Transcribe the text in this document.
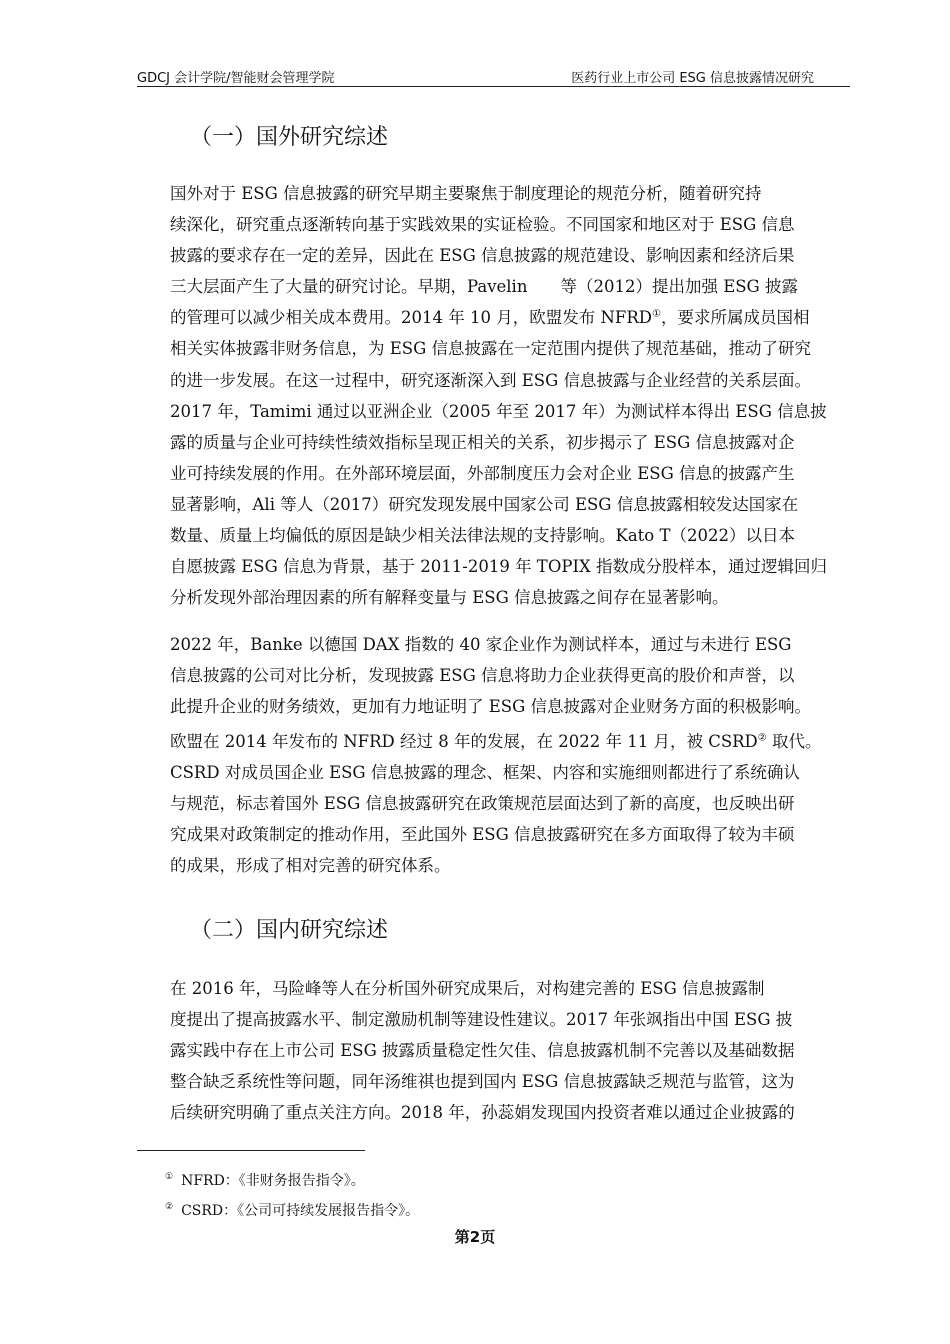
GDCJ 会计学院/智能财会管理学院	医药行业上市公司 ESG 信息披露情况研究
（一）国外研究综述
国外对于 ESG 信息披露的研究早期主要聚焦于制度理论的规范分析，随着研究持
续深化，研究重点逐渐转向基于实践效果的实证检验。不同国家和地区对于 ESG 信息
披露的要求存在一定的差异，因此在 ESG 信息披露的规范建设、影响因素和经济后果
三大层面产生了大量的研究讨论。早期，Pavelin　　等（2012）提出加强 ESG 披露
的管理可以减少相关成本费用。2014 年 10 月，欧盟发布 NFRD①，要求所属成员国相
相关实体披露非财务信息，为 ESG 信息披露在一定范围内提供了规范基础，推动了研究
的进一步发展。在这一过程中，研究逐渐深入到 ESG 信息披露与企业经营的关系层面。
2017 年，Tamimi 通过以亚洲企业（2005 年至 2017 年）为测试样本得出 ESG 信息披
露的质量与企业可持续性绩效指标呈现正相关的关系，初步揭示了 ESG 信息披露对企
业可持续发展的作用。在外部环境层面，外部制度压力会对企业 ESG 信息的披露产生
显著影响，Ali 等人（2017）研究发现发展中国家公司 ESG 信息披露相较发达国家在
数量、质量上均偏低的原因是缺少相关法律法规的支持影响。Kato T（2022）以日本
自愿披露 ESG 信息为背景，基于 2011-2019 年 TOPIX 指数成分股样本，通过逻辑回归
分析发现外部治理因素的所有解释变量与 ESG 信息披露之间存在显著影响。
2022 年，Banke 以德国 DAX 指数的 40 家企业作为测试样本，通过与未进行 ESG
信息披露的公司对比分析，发现披露 ESG 信息将助力企业获得更高的股价和声誉，以
此提升企业的财务绩效，更加有力地证明了 ESG 信息披露对企业财务方面的积极影响。
欧盟在 2014 年发布的 NFRD 经过 8 年的发展，在 2022 年 11 月，被 CSRD② 取代。
CSRD 对成员国企业 ESG 信息披露的理念、框架、内容和实施细则都进行了系统确认
与规范，标志着国外 ESG 信息披露研究在政策规范层面达到了新的高度，也反映出研
究成果对政策制定的推动作用，至此国外 ESG 信息披露研究在多方面取得了较为丰硕
的成果，形成了相对完善的研究体系。
（二）国内研究综述
在 2016 年，马险峰等人在分析国外研究成果后，对构建完善的 ESG 信息披露制
度提出了提高披露水平、制定激励机制等建设性建议。2017 年张飒指出中国 ESG 披
露实践中存在上市公司 ESG 披露质量稳定性欠佳、信息披露机制不完善以及基础数据
整合缺乏系统性等问题，同年汤维祺也提到国内 ESG 信息披露缺乏规范与监管，这为
后续研究明确了重点关注方向。2018 年，孙蕊娟发现国内投资者难以通过企业披露的
① NFRD：《非财务报告指令》。
② CSRD：《公司可持续发展报告指令》。
第2页
